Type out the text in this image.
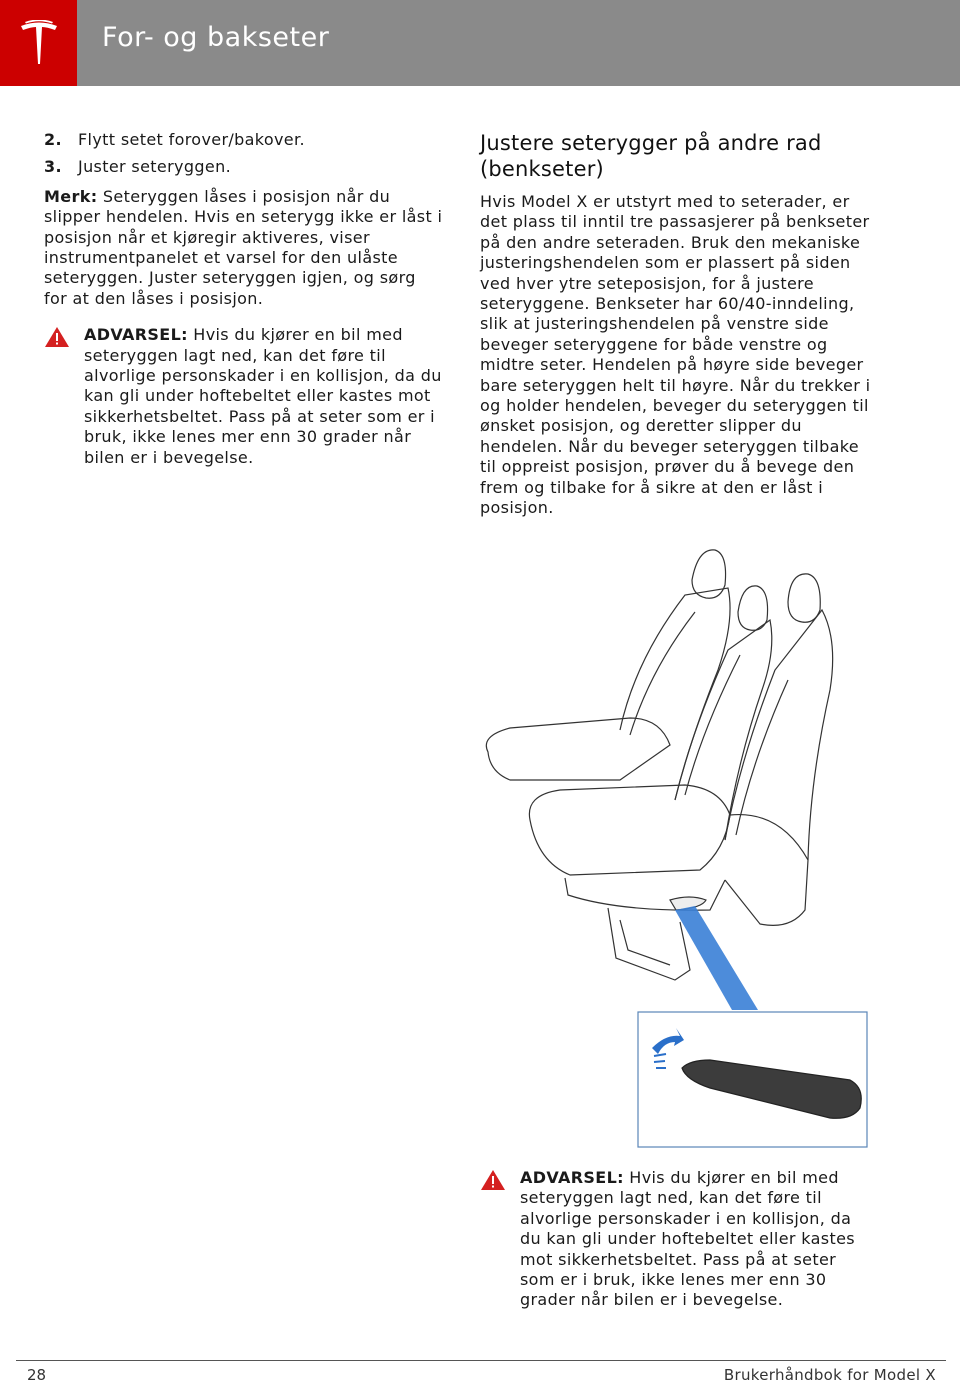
For- og bakseter
2.	Flytt setet forover/bakover.
3.	Juster seteryggen.
Merk: Seteryggen låses i posisjon når du slipper hendelen. Hvis en seterygg ikke er låst i posisjon når et kjøregir aktiveres, viser instrumentpanelet et varsel for den ulåste seteryggen. Juster seteryggen igjen, og sørg for at den låses i posisjon.
ADVARSEL: Hvis du kjører en bil med seteryggen lagt ned, kan det føre til alvorlige personskader i en kollisjon, da du kan gli under hoftebeltet eller kastes mot sikkerhetsbeltet. Pass på at seter som er i bruk, ikke lenes mer enn 30 grader når bilen er i bevegelse.
Justere seterygger på andre rad (benkseter)
Hvis Model X er utstyrt med to seterader, er det plass til inntil tre passasjerer på benkseter på den andre seteraden. Bruk den mekaniske justeringshendelen som er plassert på siden ved hver ytre seteposisjon, for å justere seteryggene. Benkseter har 60/40-inndeling, slik at justeringshendelen på venstre side beveger seteryggene for både venstre og midtre seter. Hendelen på høyre side beveger bare seteryggen helt til høyre. Når du trekker i og holder hendelen, beveger du seteryggen til ønsket posisjon, og deretter slipper du hendelen. Når du beveger seteryggen tilbake til oppreist posisjon, prøver du å bevege den frem og tilbake for å sikre at den er låst i posisjon.
ADVARSEL: Hvis du kjører en bil med seteryggen lagt ned, kan det føre til alvorlige personskader i en kollisjon, da du kan gli under hoftebeltet eller kastes mot sikkerhetsbeltet. Pass på at seter som er i bruk, ikke lenes mer enn 30 grader når bilen er i bevegelse.
28	Brukerhåndbok for Model X
